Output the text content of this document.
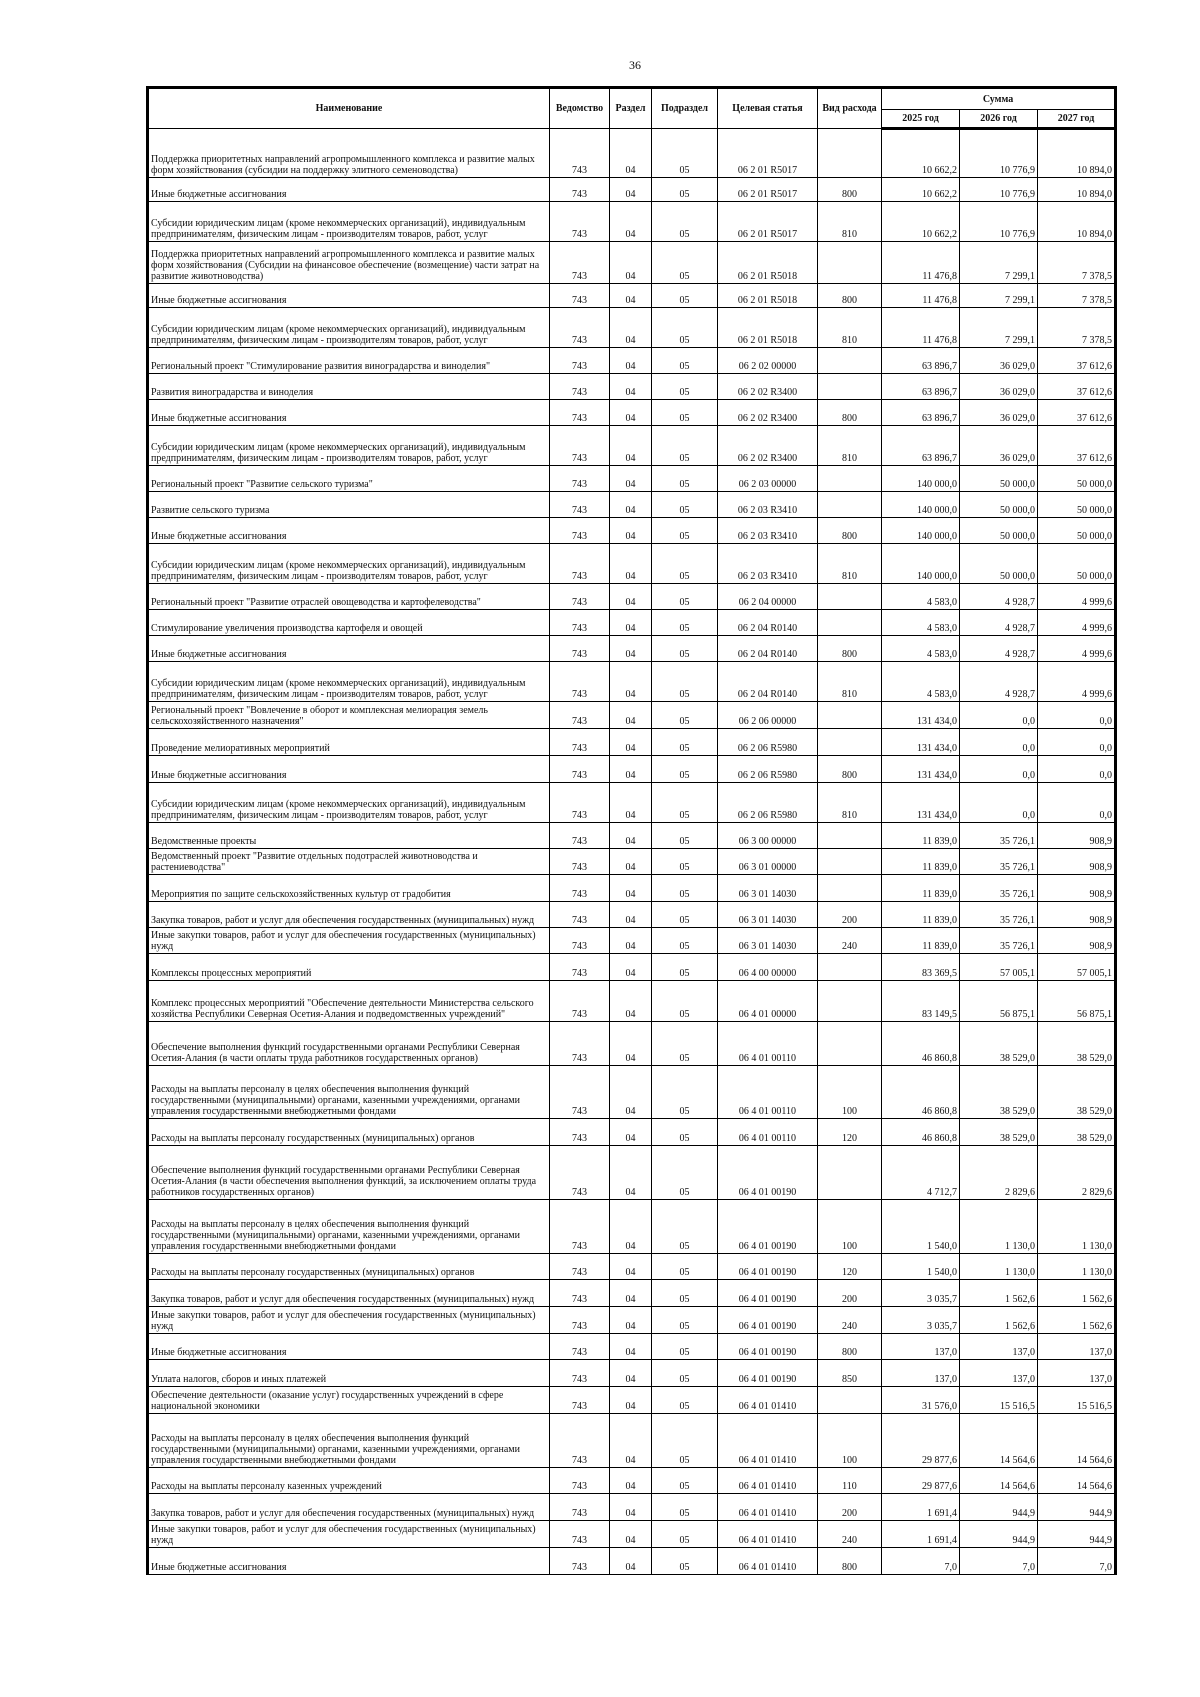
36
Наименование	Ведомство	Раздел	Подраздел	Целевая статья	Вид расхода	Сумма		
						2025 год	2026 год	2027 год

Поддержка приоритетных направлений агропромышленного комплекса и развитие малых форм хозяйствования (субсидии на поддержку элитного семеноводства)	743	04	05	06 2 01 R5017		10 662,2	10 776,9	10 894,0
Иные бюджетные ассигнования	743	04	05	06 2 01 R5017	800	10 662,2	10 776,9	10 894,0
Субсидии юридическим лицам (кроме некоммерческих организаций), индивидуальным предпринимателям, физическим лицам - производителям товаров, работ, услуг	743	04	05	06 2 01 R5017	810	10 662,2	10 776,9	10 894,0
Поддержка приоритетных направлений агропромышленного комплекса и развитие малых форм хозяйствования (Субсидии на финансовое обеспечение (возмещение) части затрат на развитие животноводства)	743	04	05	06 2 01 R5018		11 476,8	7 299,1	7 378,5
Иные бюджетные ассигнования	743	04	05	06 2 01 R5018	800	11 476,8	7 299,1	7 378,5
Субсидии юридическим лицам (кроме некоммерческих организаций), индивидуальным предпринимателям, физическим лицам - производителям товаров, работ, услуг	743	04	05	06 2 01 R5018	810	11 476,8	7 299,1	7 378,5
Региональный проект "Стимулирование развития виноградарства и виноделия"	743	04	05	06 2 02 00000		63 896,7	36 029,0	37 612,6
Развития виноградарства и виноделия	743	04	05	06 2 02 R3400		63 896,7	36 029,0	37 612,6
Иные бюджетные ассигнования	743	04	05	06 2 02 R3400	800	63 896,7	36 029,0	37 612,6
Субсидии юридическим лицам (кроме некоммерческих организаций), индивидуальным предпринимателям, физическим лицам - производителям товаров, работ, услуг	743	04	05	06 2 02 R3400	810	63 896,7	36 029,0	37 612,6
Региональный проект "Развитие сельского туризма"	743	04	05	06 2 03 00000		140 000,0	50 000,0	50 000,0
Развитие сельского туризма	743	04	05	06 2 03 R3410		140 000,0	50 000,0	50 000,0
Иные бюджетные ассигнования	743	04	05	06 2 03 R3410	800	140 000,0	50 000,0	50 000,0
Субсидии юридическим лицам (кроме некоммерческих организаций), индивидуальным предпринимателям, физическим лицам - производителям товаров, работ, услуг	743	04	05	06 2 03 R3410	810	140 000,0	50 000,0	50 000,0
Региональный проект "Развитие отраслей овощеводства и картофелеводства"	743	04	05	06 2 04 00000		4 583,0	4 928,7	4 999,6
Стимулирование увеличения производства картофеля и овощей	743	04	05	06 2 04 R0140		4 583,0	4 928,7	4 999,6
Иные бюджетные ассигнования	743	04	05	06 2 04 R0140	800	4 583,0	4 928,7	4 999,6
Субсидии юридическим лицам (кроме некоммерческих организаций), индивидуальным предпринимателям, физическим лицам - производителям товаров, работ, услуг	743	04	05	06 2 04 R0140	810	4 583,0	4 928,7	4 999,6
Региональный проект "Вовлечение в оборот и комплексная мелиорация земель сельскохозяйственного назначения"	743	04	05	06 2 06 00000		131 434,0	0,0	0,0
Проведение мелиоративных мероприятий	743	04	05	06 2 06 R5980		131 434,0	0,0	0,0
Иные бюджетные ассигнования	743	04	05	06 2 06 R5980	800	131 434,0	0,0	0,0
Субсидии юридическим лицам (кроме некоммерческих организаций), индивидуальным предпринимателям, физическим лицам - производителям товаров, работ, услуг	743	04	05	06 2 06 R5980	810	131 434,0	0,0	0,0
Ведомственные проекты	743	04	05	06 3 00 00000		11 839,0	35 726,1	908,9
Ведомственный проект "Развитие отдельных подотраслей животноводства и растениеводства"	743	04	05	06 3 01 00000		11 839,0	35 726,1	908,9
Мероприятия по защите сельскохозяйственных культур от градобития	743	04	05	06 3 01 14030		11 839,0	35 726,1	908,9
Закупка товаров, работ и услуг для обеспечения государственных (муниципальных) нужд	743	04	05	06 3 01 14030	200	11 839,0	35 726,1	908,9
Иные закупки товаров, работ и услуг для обеспечения государственных (муниципальных) нужд	743	04	05	06 3 01 14030	240	11 839,0	35 726,1	908,9
Комплексы процессных мероприятий	743	04	05	06 4 00 00000		83 369,5	57 005,1	57 005,1
Комплекс процессных мероприятий "Обеспечение деятельности Министерства сельского хозяйства Республики Северная Осетия-Алания и подведомственных учреждений"	743	04	05	06 4 01 00000		83 149,5	56 875,1	56 875,1
Обеспечение выполнения функций государственными органами Республики Северная Осетия-Алания (в части оплаты труда работников государственных органов)	743	04	05	06 4 01 00110		46 860,8	38 529,0	38 529,0
Расходы на выплаты персоналу в целях обеспечения выполнения функций государственными (муниципальными) органами, казенными учреждениями, органами управления государственными внебюджетными фондами	743	04	05	06 4 01 00110	100	46 860,8	38 529,0	38 529,0
Расходы на выплаты персоналу государственных (муниципальных) органов	743	04	05	06 4 01 00110	120	46 860,8	38 529,0	38 529,0
Обеспечение выполнения функций государственными органами Республики Северная Осетия-Алания (в части обеспечения выполнения функций, за исключением оплаты труда работников государственных органов)	743	04	05	06 4 01 00190		4 712,7	2 829,6	2 829,6
Расходы на выплаты персоналу в целях обеспечения выполнения функций государственными (муниципальными) органами, казенными учреждениями, органами управления государственными внебюджетными фондами	743	04	05	06 4 01 00190	100	1 540,0	1 130,0	1 130,0
Расходы на выплаты персоналу государственных (муниципальных) органов	743	04	05	06 4 01 00190	120	1 540,0	1 130,0	1 130,0
Закупка товаров, работ и услуг для обеспечения государственных (муниципальных) нужд	743	04	05	06 4 01 00190	200	3 035,7	1 562,6	1 562,6
Иные закупки товаров, работ и услуг для обеспечения государственных (муниципальных) нужд	743	04	05	06 4 01 00190	240	3 035,7	1 562,6	1 562,6
Иные бюджетные ассигнования	743	04	05	06 4 01 00190	800	137,0	137,0	137,0
Уплата налогов, сборов и иных платежей	743	04	05	06 4 01 00190	850	137,0	137,0	137,0
Обеспечение деятельности (оказание услуг) государственных учреждений в сфере национальной экономики	743	04	05	06 4 01 01410		31 576,0	15 516,5	15 516,5
Расходы на выплаты персоналу в целях обеспечения выполнения функций государственными (муниципальными) органами, казенными учреждениями, органами управления государственными внебюджетными фондами	743	04	05	06 4 01 01410	100	29 877,6	14 564,6	14 564,6
Расходы на выплаты персоналу казенных учреждений	743	04	05	06 4 01 01410	110	29 877,6	14 564,6	14 564,6
Закупка товаров, работ и услуг для обеспечения государственных (муниципальных) нужд	743	04	05	06 4 01 01410	200	1 691,4	944,9	944,9
Иные закупки товаров, работ и услуг для обеспечения государственных (муниципальных) нужд	743	04	05	06 4 01 01410	240	1 691,4	944,9	944,9
Иные бюджетные ассигнования	743	04	05	06 4 01 01410	800	7,0	7,0	7,0
